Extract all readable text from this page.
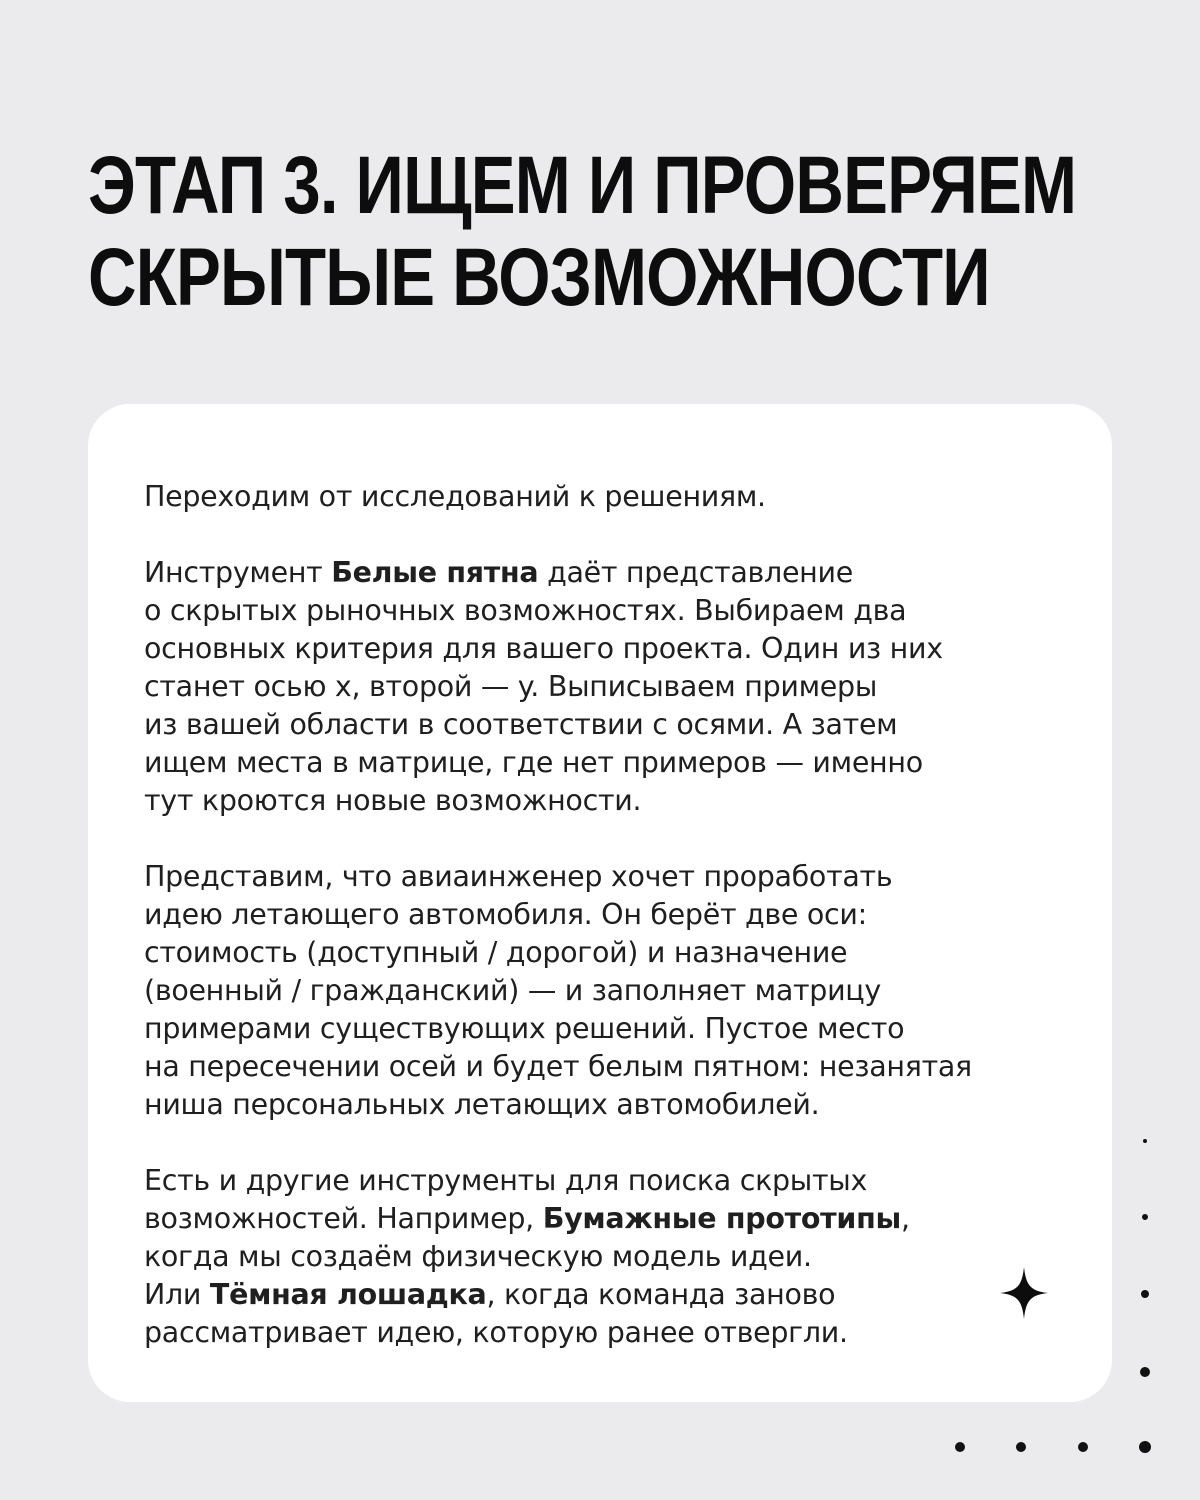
ЭТАП 3. ИЩЕМ И ПРОВЕРЯЕМ
СКРЫТЫЕ ВОЗМОЖНОСТИ

Переходим от исследований к решениям.

Инструмент Белые пятна даёт представление
о скрытых рыночных возможностях. Выбираем два
основных критерия для вашего проекта. Один из них
станет осью x, второй — y. Выписываем примеры
из вашей области в соответствии с осями. А затем
ищем места в матрице, где нет примеров — именно
тут кроются новые возможности.

Представим, что авиаинженер хочет проработать
идею летающего автомобиля. Он берёт две оси:
стоимость (доступный / дорогой) и назначение
(военный / гражданский) — и заполняет матрицу
примерами существующих решений. Пустое место
на пересечении осей и будет белым пятном: незанятая
ниша персональных летающих автомобилей.

Есть и другие инструменты для поиска скрытых
возможностей. Например, Бумажные прототипы,
когда мы создаём физическую модель идеи.
Или Тёмная лошадка, когда команда заново
рассматривает идею, которую ранее отвергли.
